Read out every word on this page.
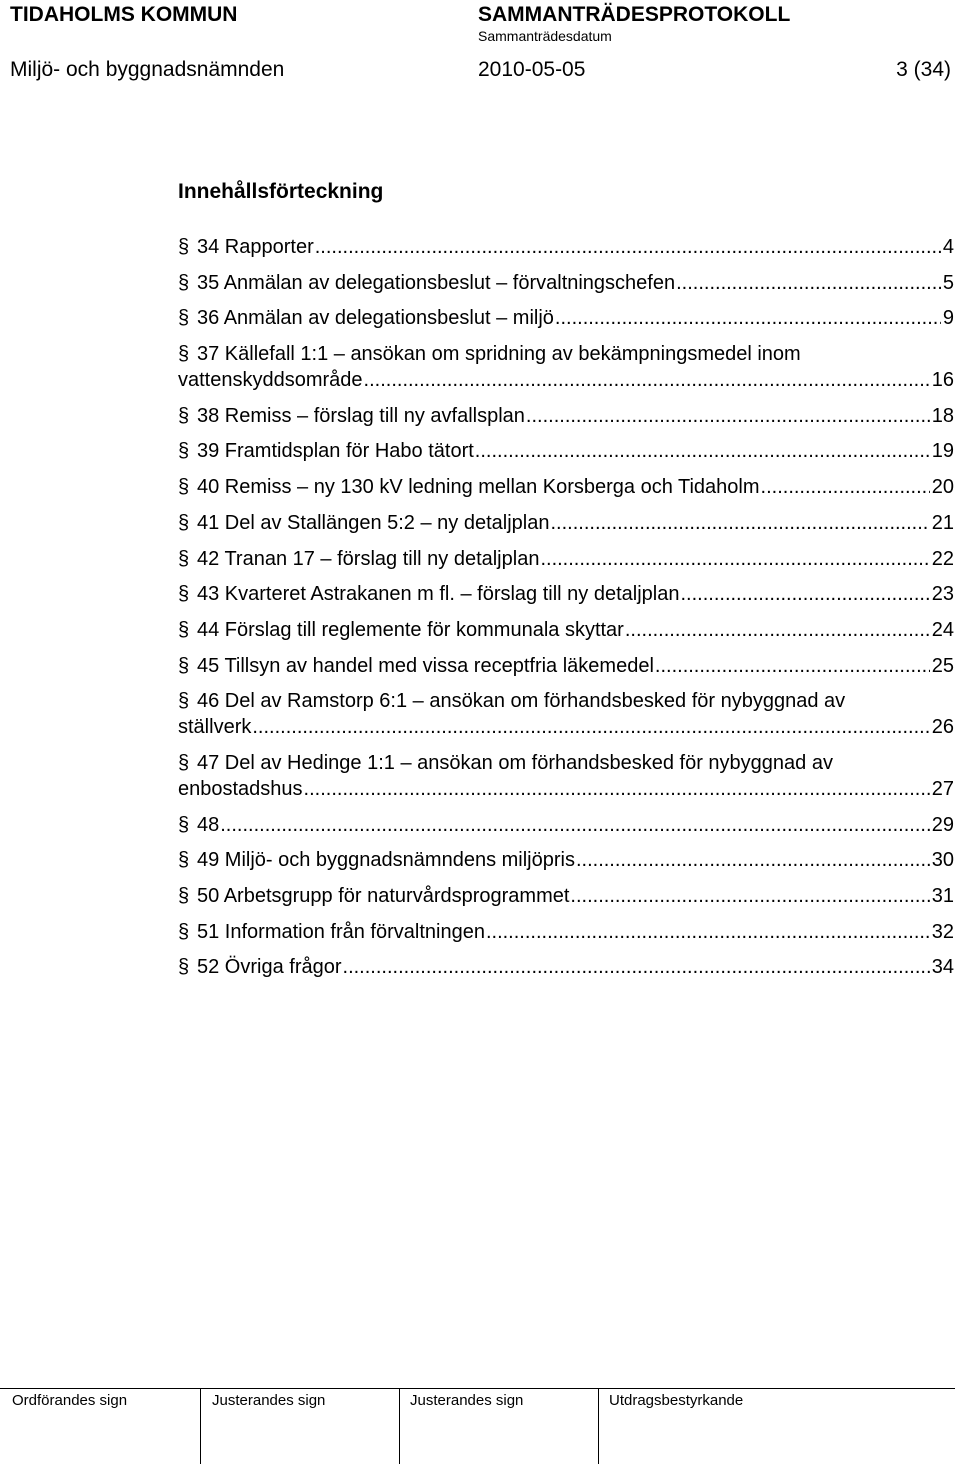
TIDAHOLMS KOMMUN	SAMMANTRÄDESPROTOKOLL
Sammanträdesdatum
Miljö- och byggnadsnämnden	2010-05-05	3 (34)
Innehållsförteckning
§ 34 Rapporter .....	4
§ 35 Anmälan av delegationsbeslut – förvaltningschefen .....	5
§ 36 Anmälan av delegationsbeslut – miljö .....	9
§ 37 Källefall 1:1 – ansökan om spridning av bekämpningsmedel inom
vattenskyddsområde .....	16
§ 38 Remiss – förslag till ny avfallsplan .....	18
§ 39 Framtidsplan för Habo tätort .....	19
§ 40 Remiss – ny 130 kV ledning mellan Korsberga och Tidaholm .....	20
§ 41 Del av Stallängen 5:2 – ny detaljplan .....	21
§ 42 Tranan 17 – förslag till ny detaljplan .....	22
§ 43 Kvarteret Astrakanen m fl. – förslag till ny detaljplan .....	23
§ 44 Förslag till reglemente för kommunala skyttar .....	24
§ 45 Tillsyn av handel med vissa receptfria läkemedel .....	25
§ 46 Del av Ramstorp 6:1 – ansökan om förhandsbesked för nybyggnad av
ställverk .....	26
§ 47 Del av Hedinge 1:1 – ansökan om förhandsbesked för nybyggnad av
enbostadshus .....	27
§ 48 .....	29
§ 49 Miljö- och byggnadsnämndens miljöpris .....	30
§ 50 Arbetsgrupp för naturvårdsprogrammet .....	31
§ 51 Information från förvaltningen .....	32
§ 52 Övriga frågor .....	34
Ordförandes sign	Justerandes sign	Justerandes sign	Utdragsbestyrkande
